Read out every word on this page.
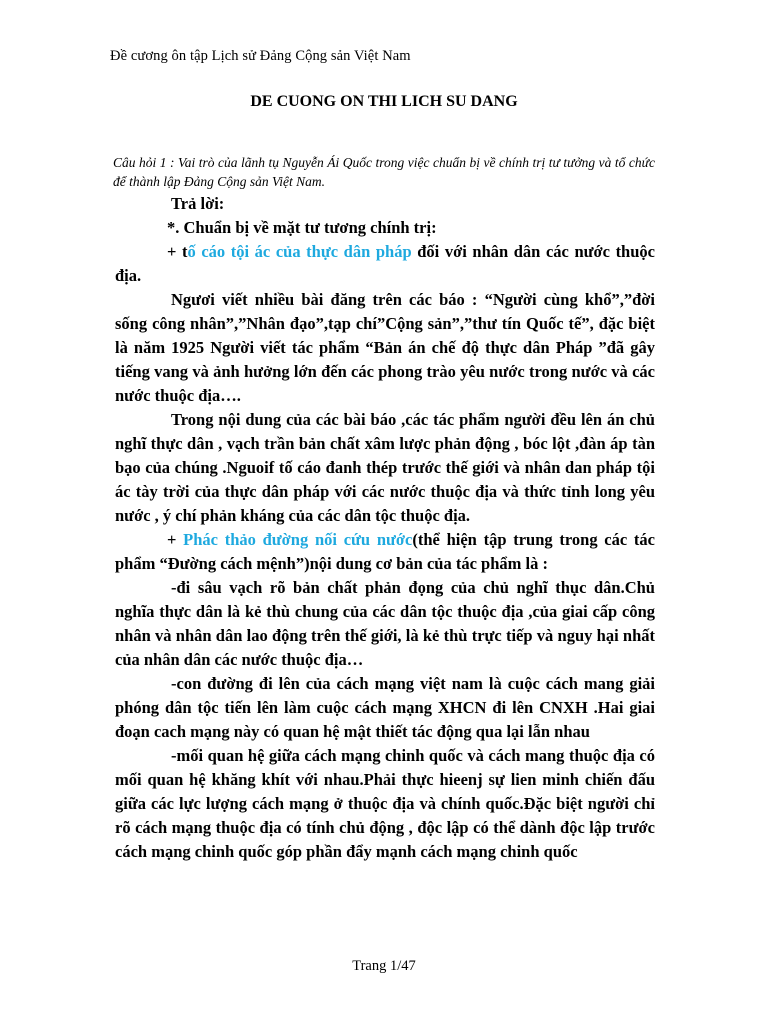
Đề cương ôn tập Lịch sử Đảng Cộng sản Việt Nam
DE CUONG ON THI LICH SU DANG
Câu hỏi 1 : Vai trò của lãnh tụ Nguyễn Ái Quốc trong việc chuẩn bị về chính trị tư tưởng và tổ chức để thành lập Đảng Cộng sản Việt Nam.

Trả lời:

*. Chuẩn bị về mặt tư tương chính trị:

+ tố cáo tội ác của thực dân pháp đối với nhân dân các nước thuộc địa.

Ngươi viết nhiều bài đăng trên các báo : “Người cùng khổ”,”đời sống công nhân”,”Nhân đạo”,tạp chí”Cộng sản”,”thư tín Quốc tế”, đặc biệt là năm 1925 Người viết tác phẩm “Bản án chế độ thực dân Pháp ”đã gây tiếng vang và ảnh hưởng lớn đến các phong trào yêu nước trong nước và các nước thuộc địa….

Trong nội dung của các bài báo ,các tác phẩm người đều lên án chủ nghĩ thực dân , vạch trần bản chất xâm lược phản động , bóc lột ,đàn áp tàn bạo của chúng .Nguoif tố cáo đanh thép trước thế giới và nhân dan pháp tội ác tày trời của thực dân pháp với các nước thuộc địa và thức tỉnh long yêu nước , ý chí phản kháng của các dân tộc thuộc địa.

+ Phác thảo đường nối cứu nước(thể hiện tập trung trong các tác phẩm “Đường cách mệnh”)nội dung cơ bản của tác phẩm là :

-đi sâu vạch rõ bản chất phản đọng của chủ nghĩ thục dân.Chủ nghĩa thực dân là kẻ thù chung của các dân tộc thuộc địa ,của giai cấp công nhân và nhân dân lao động trên thế giới, là kẻ thù trực tiếp và nguy hại nhất của nhân dân các nước thuộc địa…

-con đường đi lên của cách mạng việt nam là cuộc cách mang giải phóng dân tộc tiến lên làm cuộc cách mạng XHCN đi lên CNXH .Hai giai đoạn cach mạng này có quan hệ mật thiết tác động qua lại lẫn nhau

-mối quan hệ giữa cách mạng chinh quốc và cách mang thuộc địa có mối quan hệ khăng khít với nhau.Phải thực hieenj sự lien minh chiến đấu giữa các lực lượng cách mạng ở thuộc địa và chính quốc.Đặc biệt người chỉ rõ cách mạng thuộc địa có tính chủ động , độc lập có thể dành độc lập trước cách mạng chinh quốc góp phần đẩy mạnh cách mạng chinh quốc

Trang 1/47
